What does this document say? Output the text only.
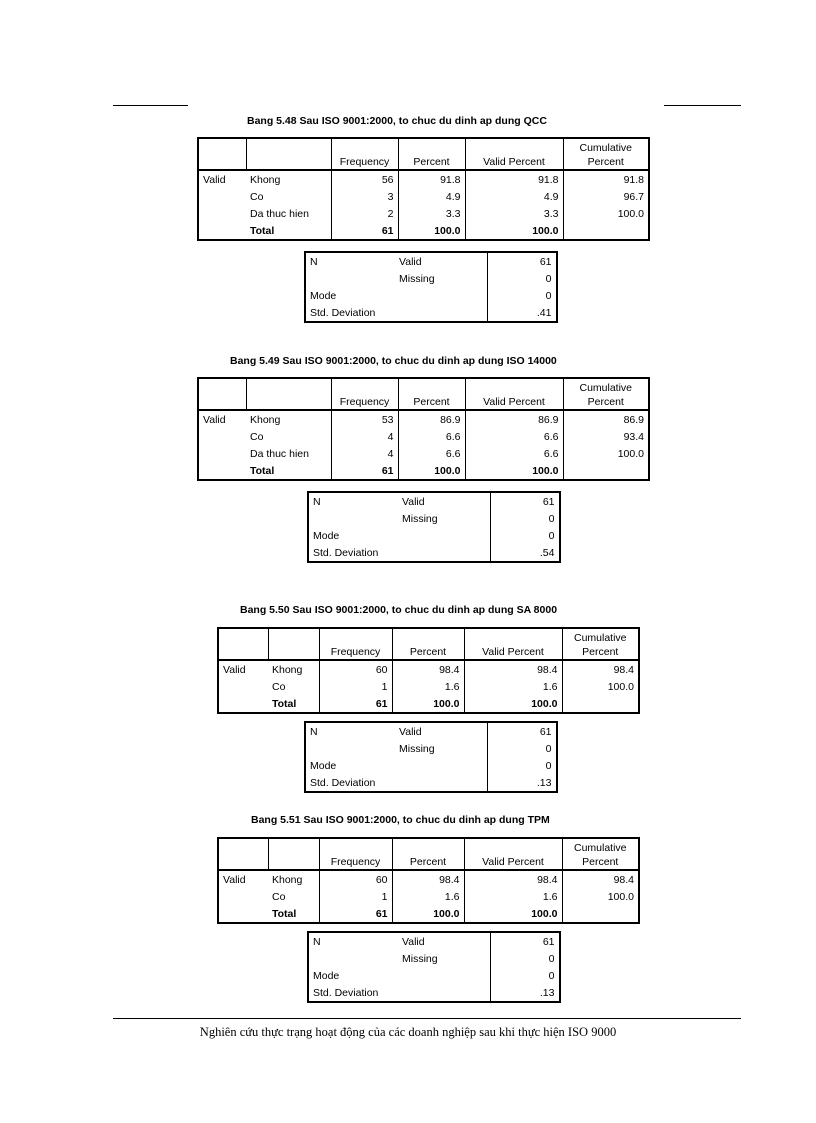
Bang 5.48 Sau ISO 9001:2000, to chuc du dinh ap dung QCC
		Frequency	Percent	Valid Percent	Cumulative
Percent
Valid	Khong	56	91.8	91.8	91.8
	Co	3	4.9	4.9	96.7
	Da thuc hien	2	3.3	3.3	100.0
	Total	61	100.0	100.0	
N	Valid	61
	Missing	0
Mode		0
Std. Deviation		.41
Bang 5.49 Sau ISO 9001:2000, to chuc du dinh ap dung ISO 14000
		Frequency	Percent	Valid Percent	Cumulative
Percent
Valid	Khong	53	86.9	86.9	86.9
	Co	4	6.6	6.6	93.4
	Da thuc hien	4	6.6	6.6	100.0
	Total	61	100.0	100.0	
N	Valid	61
	Missing	0
Mode		0
Std. Deviation		.54
Bang 5.50 Sau ISO 9001:2000, to chuc du dinh ap dung SA 8000
		Frequency	Percent	Valid Percent	Cumulative
Percent
Valid	Khong	60	98.4	98.4	98.4
	Co	1	1.6	1.6	100.0
	Total	61	100.0	100.0	
N	Valid	61
	Missing	0
Mode		0
Std. Deviation		.13
Bang 5.51 Sau ISO 9001:2000, to chuc du dinh ap dung TPM
		Frequency	Percent	Valid Percent	Cumulative
Percent
Valid	Khong	60	98.4	98.4	98.4
	Co	1	1.6	1.6	100.0
	Total	61	100.0	100.0	
N	Valid	61
	Missing	0
Mode		0
Std. Deviation		.13
Nghiên cứu thực trạng hoạt động của các doanh nghiệp sau khi thực hiện ISO 9000
